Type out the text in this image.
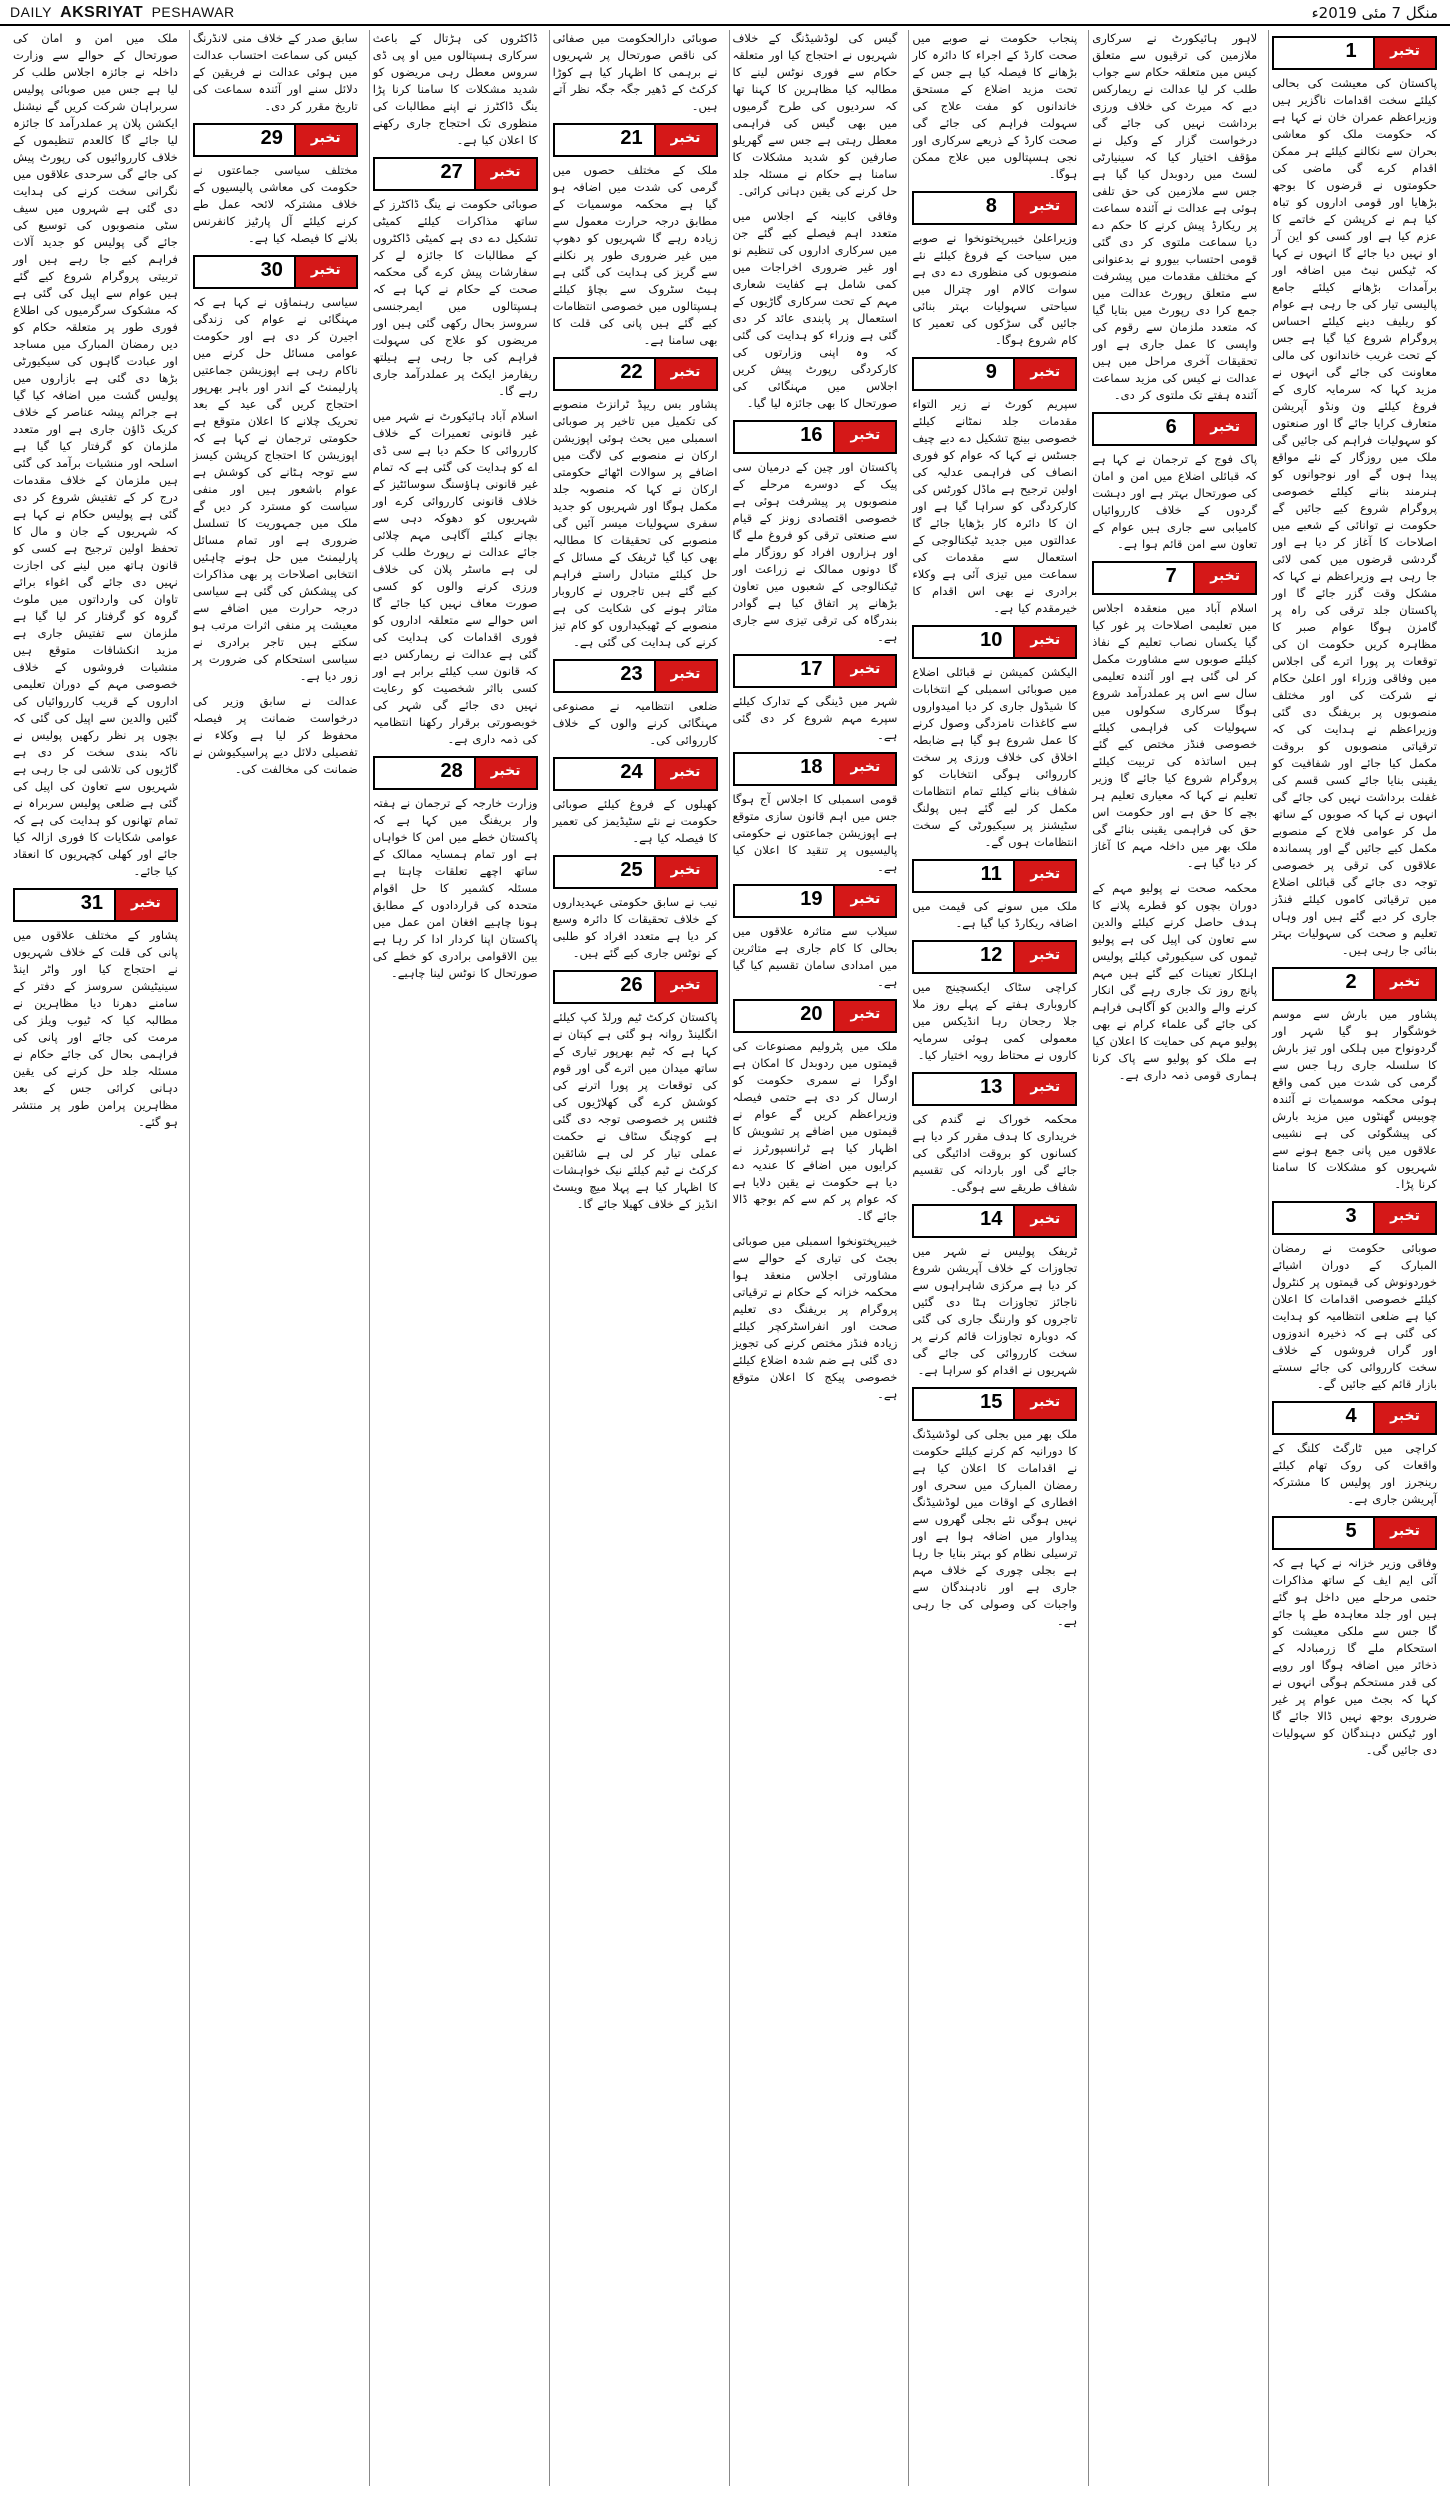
DAILY AKSRIYAT PESHAWAR	منگل 7 مئی 2019ء
1	تخبر
پاکستان کی معیشت کی بحالی کیلئے سخت اقدامات ناگزیر ہیں وزیراعظم عمران خان نے کہا ہے کہ حکومت ملک کو معاشی بحران سے نکالنے کیلئے ہر ممکن اقدام کرے گی ماضی کی حکومتوں نے قرضوں کا بوجھ بڑھایا اور قومی اداروں کو تباہ کیا ہم نے کرپشن کے خاتمے کا عزم کیا ہے اور کسی کو این آر او نہیں دیا جائے گا انہوں نے کہا کہ ٹیکس نیٹ میں اضافہ اور برآمدات بڑھانے کیلئے جامع پالیسی تیار کی جا رہی ہے عوام کو ریلیف دینے کیلئے احساس پروگرام شروع کیا گیا ہے جس کے تحت غریب خاندانوں کی مالی معاونت کی جائے گی انہوں نے مزید کہا کہ سرمایہ کاری کے فروغ کیلئے ون ونڈو آپریشن متعارف کرایا جائے گا اور صنعتوں کو سہولیات فراہم کی جائیں گی ملک میں روزگار کے نئے مواقع پیدا ہوں گے اور نوجوانوں کو ہنرمند بنانے کیلئے خصوصی پروگرام شروع کیے جائیں گے حکومت نے توانائی کے شعبے میں اصلاحات کا آغاز کر دیا ہے اور گردشی قرضوں میں کمی لائی جا رہی ہے وزیراعظم نے کہا کہ مشکل وقت گزر جائے گا اور پاکستان جلد ترقی کی راہ پر گامزن ہوگا عوام صبر کا مظاہرہ کریں حکومت ان کی توقعات پر پورا اترے گی اجلاس میں وفاقی وزراء اور اعلیٰ حکام نے شرکت کی اور مختلف منصوبوں پر بریفنگ دی گئی وزیراعظم نے ہدایت کی کہ ترقیاتی منصوبوں کو بروقت مکمل کیا جائے اور شفافیت کو یقینی بنایا جائے کسی قسم کی غفلت برداشت نہیں کی جائے گی انہوں نے کہا کہ صوبوں کے ساتھ مل کر عوامی فلاح کے منصوبے مکمل کیے جائیں گے اور پسماندہ علاقوں کی ترقی پر خصوصی توجہ دی جائے گی قبائلی اضلاع میں ترقیاتی کاموں کیلئے فنڈز جاری کر دیے گئے ہیں اور وہاں تعلیم و صحت کی سہولیات بہتر بنائی جا رہی ہیں۔
2	تخبر
پشاور میں بارش سے موسم خوشگوار ہو گیا شہر اور گردونواح میں ہلکی اور تیز بارش کا سلسلہ جاری رہا جس سے گرمی کی شدت میں کمی واقع ہوئی محکمہ موسمیات نے آئندہ چوبیس گھنٹوں میں مزید بارش کی پیشگوئی کی ہے نشیبی علاقوں میں پانی جمع ہونے سے شہریوں کو مشکلات کا سامنا کرنا پڑا۔
3	تخبر
صوبائی حکومت نے رمضان المبارک کے دوران اشیائے خوردونوش کی قیمتوں پر کنٹرول کیلئے خصوصی اقدامات کا اعلان کیا ہے ضلعی انتظامیہ کو ہدایت کی گئی ہے کہ ذخیرہ اندوزوں اور گراں فروشوں کے خلاف سخت کارروائی کی جائے سستے بازار قائم کیے جائیں گے۔
4	تخبر
کراچی میں ٹارگٹ کلنگ کے واقعات کی روک تھام کیلئے رینجرز اور پولیس کا مشترکہ آپریشن جاری ہے۔
5	تخبر
وفاقی وزیر خزانہ نے کہا ہے کہ آئی ایم ایف کے ساتھ مذاکرات حتمی مرحلے میں داخل ہو گئے ہیں اور جلد معاہدہ طے پا جائے گا جس سے ملکی معیشت کو استحکام ملے گا زرمبادلہ کے ذخائر میں اضافہ ہوگا اور روپے کی قدر مستحکم ہوگی انہوں نے کہا کہ بجٹ میں عوام پر غیر ضروری بوجھ نہیں ڈالا جائے گا اور ٹیکس دہندگان کو سہولیات دی جائیں گی۔
لاہور ہائیکورٹ نے سرکاری ملازمین کی ترقیوں سے متعلق کیس میں متعلقہ حکام سے جواب طلب کر لیا عدالت نے ریمارکس دیے کہ میرٹ کی خلاف ورزی برداشت نہیں کی جائے گی درخواست گزار کے وکیل نے مؤقف اختیار کیا کہ سینیارٹی لسٹ میں ردوبدل کیا گیا ہے جس سے ملازمین کی حق تلفی ہوئی ہے عدالت نے آئندہ سماعت پر ریکارڈ پیش کرنے کا حکم دے دیا سماعت ملتوی کر دی گئی قومی احتساب بیورو نے بدعنوانی کے مختلف مقدمات میں پیشرفت سے متعلق رپورٹ عدالت میں جمع کرا دی رپورٹ میں بتایا گیا کہ متعدد ملزمان سے رقوم کی واپسی کا عمل جاری ہے اور تحقیقات آخری مراحل میں ہیں عدالت نے کیس کی مزید سماعت آئندہ ہفتے تک ملتوی کر دی۔
6	تخبر
پاک فوج کے ترجمان نے کہا ہے کہ قبائلی اضلاع میں امن و امان کی صورتحال بہتر ہے اور دہشت گردوں کے خلاف کارروائیاں کامیابی سے جاری ہیں عوام کے تعاون سے امن قائم ہوا ہے۔
7	تخبر
اسلام آباد میں منعقدہ اجلاس میں تعلیمی اصلاحات پر غور کیا گیا یکساں نصاب تعلیم کے نفاذ کیلئے صوبوں سے مشاورت مکمل کر لی گئی ہے اور آئندہ تعلیمی سال سے اس پر عملدرآمد شروع ہوگا سرکاری سکولوں میں سہولیات کی فراہمی کیلئے خصوصی فنڈز مختص کیے گئے ہیں اساتذہ کی تربیت کیلئے پروگرام شروع کیا جائے گا وزیر تعلیم نے کہا کہ معیاری تعلیم ہر بچے کا حق ہے اور حکومت اس حق کی فراہمی یقینی بنائے گی ملک بھر میں داخلہ مہم کا آغاز کر دیا گیا ہے۔
محکمہ صحت نے پولیو مہم کے دوران بچوں کو قطرے پلانے کا ہدف حاصل کرنے کیلئے والدین سے تعاون کی اپیل کی ہے پولیو ٹیموں کی سیکیورٹی کیلئے پولیس اہلکار تعینات کیے گئے ہیں مہم پانچ روز تک جاری رہے گی انکار کرنے والے والدین کو آگاہی فراہم کی جائے گی علماء کرام نے بھی پولیو مہم کی حمایت کا اعلان کیا ہے ملک کو پولیو سے پاک کرنا ہماری قومی ذمہ داری ہے۔
پنجاب حکومت نے صوبے میں صحت کارڈ کے اجراء کا دائرہ کار بڑھانے کا فیصلہ کیا ہے جس کے تحت مزید اضلاع کے مستحق خاندانوں کو مفت علاج کی سہولت فراہم کی جائے گی صحت کارڈ کے ذریعے سرکاری اور نجی ہسپتالوں میں علاج ممکن ہوگا۔
8	تخبر
وزیراعلیٰ خیبرپختونخوا نے صوبے میں سیاحت کے فروغ کیلئے نئے منصوبوں کی منظوری دے دی ہے سوات کالام اور چترال میں سیاحتی سہولیات بہتر بنائی جائیں گی سڑکوں کی تعمیر کا کام شروع ہوگا۔
9	تخبر
سپریم کورٹ نے زیر التواء مقدمات جلد نمٹانے کیلئے خصوصی بینچ تشکیل دے دیے چیف جسٹس نے کہا کہ عوام کو فوری انصاف کی فراہمی عدلیہ کی اولین ترجیح ہے ماڈل کورٹس کی کارکردگی کو سراہا گیا ہے اور ان کا دائرہ کار بڑھایا جائے گا عدالتوں میں جدید ٹیکنالوجی کے استعمال سے مقدمات کی سماعت میں تیزی آئی ہے وکلاء برادری نے بھی اس اقدام کا خیرمقدم کیا ہے۔
10	تخبر
الیکشن کمیشن نے قبائلی اضلاع میں صوبائی اسمبلی کے انتخابات کا شیڈول جاری کر دیا امیدواروں سے کاغذات نامزدگی وصول کرنے کا عمل شروع ہو گیا ہے ضابطہ اخلاق کی خلاف ورزی پر سخت کارروائی ہوگی انتخابات کو شفاف بنانے کیلئے تمام انتظامات مکمل کر لیے گئے ہیں پولنگ سٹیشنز پر سیکیورٹی کے سخت انتظامات ہوں گے۔
11	تخبر
ملک میں سونے کی قیمت میں اضافہ ریکارڈ کیا گیا ہے۔
12	تخبر
کراچی سٹاک ایکسچینج میں کاروباری ہفتے کے پہلے روز ملا جلا رجحان رہا انڈیکس میں معمولی کمی ہوئی سرمایہ کاروں نے محتاط رویہ اختیار کیا۔
13	تخبر
محکمہ خوراک نے گندم کی خریداری کا ہدف مقرر کر دیا ہے کسانوں کو بروقت ادائیگی کی جائے گی اور باردانہ کی تقسیم شفاف طریقے سے ہوگی۔
14	تخبر
ٹریفک پولیس نے شہر میں تجاوزات کے خلاف آپریشن شروع کر دیا ہے مرکزی شاہراہوں سے ناجائز تجاوزات ہٹا دی گئیں تاجروں کو وارننگ جاری کی گئی کہ دوبارہ تجاوزات قائم کرنے پر سخت کارروائی کی جائے گی شہریوں نے اقدام کو سراہا ہے۔
15	تخبر
ملک بھر میں بجلی کی لوڈشیڈنگ کا دورانیہ کم کرنے کیلئے حکومت نے اقدامات کا اعلان کیا ہے رمضان المبارک میں سحری اور افطاری کے اوقات میں لوڈشیڈنگ نہیں ہوگی نئے بجلی گھروں سے پیداوار میں اضافہ ہوا ہے اور ترسیلی نظام کو بہتر بنایا جا رہا ہے بجلی چوری کے خلاف مہم جاری ہے اور نادہندگان سے واجبات کی وصولی کی جا رہی ہے۔
گیس کی لوڈشیڈنگ کے خلاف شہریوں نے احتجاج کیا اور متعلقہ حکام سے فوری نوٹس لینے کا مطالبہ کیا مظاہرین کا کہنا تھا کہ سردیوں کی طرح گرمیوں میں بھی گیس کی فراہمی معطل رہتی ہے جس سے گھریلو صارفین کو شدید مشکلات کا سامنا ہے حکام نے مسئلہ جلد حل کرنے کی یقین دہانی کرائی۔
وفاقی کابینہ کے اجلاس میں متعدد اہم فیصلے کیے گئے جن میں سرکاری اداروں کی تنظیم نو اور غیر ضروری اخراجات میں کمی شامل ہے کفایت شعاری مہم کے تحت سرکاری گاڑیوں کے استعمال پر پابندی عائد کر دی گئی ہے وزراء کو ہدایت کی گئی کہ وہ اپنی وزارتوں کی کارکردگی رپورٹ پیش کریں اجلاس میں مہنگائی کی صورتحال کا بھی جائزہ لیا گیا۔
16	تخبر
پاکستان اور چین کے درمیان سی پیک کے دوسرے مرحلے کے منصوبوں پر پیشرفت ہوئی ہے خصوصی اقتصادی زونز کے قیام سے صنعتی ترقی کو فروغ ملے گا اور ہزاروں افراد کو روزگار ملے گا دونوں ممالک نے زراعت اور ٹیکنالوجی کے شعبوں میں تعاون بڑھانے پر اتفاق کیا ہے گوادر بندرگاہ کی ترقی تیزی سے جاری ہے۔
17	تخبر
شہر میں ڈینگی کے تدارک کیلئے سپرے مہم شروع کر دی گئی ہے۔
18	تخبر
قومی اسمبلی کا اجلاس آج ہوگا جس میں اہم قانون سازی متوقع ہے اپوزیشن جماعتوں نے حکومتی پالیسیوں پر تنقید کا اعلان کیا ہے۔
19	تخبر
سیلاب سے متاثرہ علاقوں میں بحالی کا کام جاری ہے متاثرین میں امدادی سامان تقسیم کیا گیا ہے۔
20	تخبر
ملک میں پٹرولیم مصنوعات کی قیمتوں میں ردوبدل کا امکان ہے اوگرا نے سمری حکومت کو ارسال کر دی ہے حتمی فیصلہ وزیراعظم کریں گے عوام نے قیمتوں میں اضافے پر تشویش کا اظہار کیا ہے ٹرانسپورٹرز نے کرایوں میں اضافے کا عندیہ دے دیا ہے حکومت نے یقین دلایا ہے کہ عوام پر کم سے کم بوجھ ڈالا جائے گا۔
خیبرپختونخوا اسمبلی میں صوبائی بجٹ کی تیاری کے حوالے سے مشاورتی اجلاس منعقد ہوا محکمہ خزانہ کے حکام نے ترقیاتی پروگرام پر بریفنگ دی تعلیم صحت اور انفراسٹرکچر کیلئے زیادہ فنڈز مختص کرنے کی تجویز دی گئی ہے ضم شدہ اضلاع کیلئے خصوصی پیکج کا اعلان متوقع ہے۔
صوبائی دارالحکومت میں صفائی کی ناقص صورتحال پر شہریوں نے برہمی کا اظہار کیا ہے کوڑا کرکٹ کے ڈھیر جگہ جگہ نظر آتے ہیں۔
21	تخبر
ملک کے مختلف حصوں میں گرمی کی شدت میں اضافہ ہو گیا ہے محکمہ موسمیات کے مطابق درجہ حرارت معمول سے زیادہ رہے گا شہریوں کو دھوپ میں غیر ضروری طور پر نکلنے سے گریز کی ہدایت کی گئی ہے ہیٹ سٹروک سے بچاؤ کیلئے ہسپتالوں میں خصوصی انتظامات کیے گئے ہیں پانی کی قلت کا بھی سامنا ہے۔
22	تخبر
پشاور بس ریپڈ ٹرانزٹ منصوبے کی تکمیل میں تاخیر پر صوبائی اسمبلی میں بحث ہوئی اپوزیشن ارکان نے منصوبے کی لاگت میں اضافے پر سوالات اٹھائے حکومتی ارکان نے کہا کہ منصوبہ جلد مکمل ہوگا اور شہریوں کو جدید سفری سہولیات میسر آئیں گی منصوبے کی تحقیقات کا مطالبہ بھی کیا گیا ٹریفک کے مسائل کے حل کیلئے متبادل راستے فراہم کیے گئے ہیں تاجروں نے کاروبار متاثر ہونے کی شکایت کی ہے منصوبے کے ٹھیکیداروں کو کام تیز کرنے کی ہدایت کی گئی ہے۔
23	تخبر
ضلعی انتظامیہ نے مصنوعی مہنگائی کرنے والوں کے خلاف کارروائی کی۔
24	تخبر
کھیلوں کے فروغ کیلئے صوبائی حکومت نے نئے سٹیڈیمز کی تعمیر کا فیصلہ کیا ہے۔
25	تخبر
نیب نے سابق حکومتی عہدیداروں کے خلاف تحقیقات کا دائرہ وسیع کر دیا ہے متعدد افراد کو طلبی کے نوٹس جاری کیے گئے ہیں۔
26	تخبر
پاکستان کرکٹ ٹیم ورلڈ کپ کیلئے انگلینڈ روانہ ہو گئی ہے کپتان نے کہا ہے کہ ٹیم بھرپور تیاری کے ساتھ میدان میں اترے گی اور قوم کی توقعات پر پورا اترنے کی کوشش کرے گی کھلاڑیوں کی فٹنس پر خصوصی توجہ دی گئی ہے کوچنگ سٹاف نے حکمت عملی تیار کر لی ہے شائقین کرکٹ نے ٹیم کیلئے نیک خواہشات کا اظہار کیا ہے پہلا میچ ویسٹ انڈیز کے خلاف کھیلا جائے گا۔
ڈاکٹروں کی ہڑتال کے باعث سرکاری ہسپتالوں میں او پی ڈی سروس معطل رہی مریضوں کو شدید مشکلات کا سامنا کرنا پڑا ینگ ڈاکٹرز نے اپنے مطالبات کی منظوری تک احتجاج جاری رکھنے کا اعلان کیا ہے۔
27	تخبر
صوبائی حکومت نے ینگ ڈاکٹرز کے ساتھ مذاکرات کیلئے کمیٹی تشکیل دے دی ہے کمیٹی ڈاکٹروں کے مطالبات کا جائزہ لے کر سفارشات پیش کرے گی محکمہ صحت کے حکام نے کہا ہے کہ ہسپتالوں میں ایمرجنسی سروسز بحال رکھی گئی ہیں اور مریضوں کو علاج کی سہولت فراہم کی جا رہی ہے ہیلتھ ریفارمز ایکٹ پر عملدرآمد جاری رہے گا۔
اسلام آباد ہائیکورٹ نے شہر میں غیر قانونی تعمیرات کے خلاف کارروائی کا حکم دیا ہے سی ڈی اے کو ہدایت کی گئی ہے کہ تمام غیر قانونی ہاؤسنگ سوسائٹیز کے خلاف قانونی کارروائی کرے اور شہریوں کو دھوکہ دہی سے بچانے کیلئے آگاہی مہم چلائی جائے عدالت نے رپورٹ طلب کر لی ہے ماسٹر پلان کی خلاف ورزی کرنے والوں کو کسی صورت معاف نہیں کیا جائے گا اس حوالے سے متعلقہ اداروں کو فوری اقدامات کی ہدایت کی گئی ہے عدالت نے ریمارکس دیے کہ قانون سب کیلئے برابر ہے اور کسی بااثر شخصیت کو رعایت نہیں دی جائے گی شہر کی خوبصورتی برقرار رکھنا انتظامیہ کی ذمہ داری ہے۔
28	تخبر
وزارت خارجہ کے ترجمان نے ہفتہ وار بریفنگ میں کہا ہے کہ پاکستان خطے میں امن کا خواہاں ہے اور تمام ہمسایہ ممالک کے ساتھ اچھے تعلقات چاہتا ہے مسئلہ کشمیر کا حل اقوام متحدہ کی قراردادوں کے مطابق ہونا چاہیے افغان امن عمل میں پاکستان اپنا کردار ادا کر رہا ہے بین الاقوامی برادری کو خطے کی صورتحال کا نوٹس لینا چاہیے۔
سابق صدر کے خلاف منی لانڈرنگ کیس کی سماعت احتساب عدالت میں ہوئی عدالت نے فریقین کے دلائل سنے اور آئندہ سماعت کی تاریخ مقرر کر دی۔
29	تخبر
مختلف سیاسی جماعتوں نے حکومت کی معاشی پالیسیوں کے خلاف مشترکہ لائحہ عمل طے کرنے کیلئے آل پارٹیز کانفرنس بلانے کا فیصلہ کیا ہے۔
30	تخبر
سیاسی رہنماؤں نے کہا ہے کہ مہنگائی نے عوام کی زندگی اجیرن کر دی ہے اور حکومت عوامی مسائل حل کرنے میں ناکام رہی ہے اپوزیشن جماعتیں پارلیمنٹ کے اندر اور باہر بھرپور احتجاج کریں گی عید کے بعد تحریک چلانے کا اعلان متوقع ہے حکومتی ترجمان نے کہا ہے کہ اپوزیشن کا احتجاج کرپشن کیسز سے توجہ ہٹانے کی کوشش ہے عوام باشعور ہیں اور منفی سیاست کو مسترد کر دیں گے ملک میں جمہوریت کا تسلسل ضروری ہے اور تمام مسائل پارلیمنٹ میں حل ہونے چاہئیں انتخابی اصلاحات پر بھی مذاکرات کی پیشکش کی گئی ہے سیاسی درجہ حرارت میں اضافے سے معیشت پر منفی اثرات مرتب ہو سکتے ہیں تاجر برادری نے سیاسی استحکام کی ضرورت پر زور دیا ہے۔
عدالت نے سابق وزیر کی درخواست ضمانت پر فیصلہ محفوظ کر لیا ہے وکلاء نے تفصیلی دلائل دیے پراسیکیوشن نے ضمانت کی مخالفت کی۔
ملک میں امن و امان کی صورتحال کے حوالے سے وزارت داخلہ نے جائزہ اجلاس طلب کر لیا ہے جس میں صوبائی پولیس سربراہان شرکت کریں گے نیشنل ایکشن پلان پر عملدرآمد کا جائزہ لیا جائے گا کالعدم تنظیموں کے خلاف کارروائیوں کی رپورٹ پیش کی جائے گی سرحدی علاقوں میں نگرانی سخت کرنے کی ہدایت دی گئی ہے شہروں میں سیف سٹی منصوبوں کی توسیع کی جائے گی پولیس کو جدید آلات فراہم کیے جا رہے ہیں اور تربیتی پروگرام شروع کیے گئے ہیں عوام سے اپیل کی گئی ہے کہ مشکوک سرگرمیوں کی اطلاع فوری طور پر متعلقہ حکام کو دیں رمضان المبارک میں مساجد اور عبادت گاہوں کی سیکیورٹی بڑھا دی گئی ہے بازاروں میں پولیس گشت میں اضافہ کیا گیا ہے جرائم پیشہ عناصر کے خلاف کریک ڈاؤن جاری ہے اور متعدد ملزمان کو گرفتار کیا گیا ہے اسلحہ اور منشیات برآمد کی گئی ہیں ملزمان کے خلاف مقدمات درج کر کے تفتیش شروع کر دی گئی ہے پولیس حکام نے کہا ہے کہ شہریوں کے جان و مال کا تحفظ اولین ترجیح ہے کسی کو قانون ہاتھ میں لینے کی اجازت نہیں دی جائے گی اغواء برائے تاوان کی وارداتوں میں ملوث گروہ کو گرفتار کر لیا گیا ہے ملزمان سے تفتیش جاری ہے مزید انکشافات متوقع ہیں منشیات فروشوں کے خلاف خصوصی مہم کے دوران تعلیمی اداروں کے قریب کارروائیاں کی گئیں والدین سے اپیل کی گئی کہ بچوں پر نظر رکھیں پولیس نے ناکہ بندی سخت کر دی ہے گاڑیوں کی تلاشی لی جا رہی ہے شہریوں سے تعاون کی اپیل کی گئی ہے ضلعی پولیس سربراہ نے تمام تھانوں کو ہدایت کی ہے کہ عوامی شکایات کا فوری ازالہ کیا جائے اور کھلی کچہریوں کا انعقاد کیا جائے۔
31	تخبر
پشاور کے مختلف علاقوں میں پانی کی قلت کے خلاف شہریوں نے احتجاج کیا اور واٹر اینڈ سینیٹیشن سروسز کے دفتر کے سامنے دھرنا دیا مظاہرین نے مطالبہ کیا کہ ٹیوب ویلز کی مرمت کی جائے اور پانی کی فراہمی بحال کی جائے حکام نے مسئلہ جلد حل کرنے کی یقین دہانی کرائی جس کے بعد مظاہرین پرامن طور پر منتشر ہو گئے۔
